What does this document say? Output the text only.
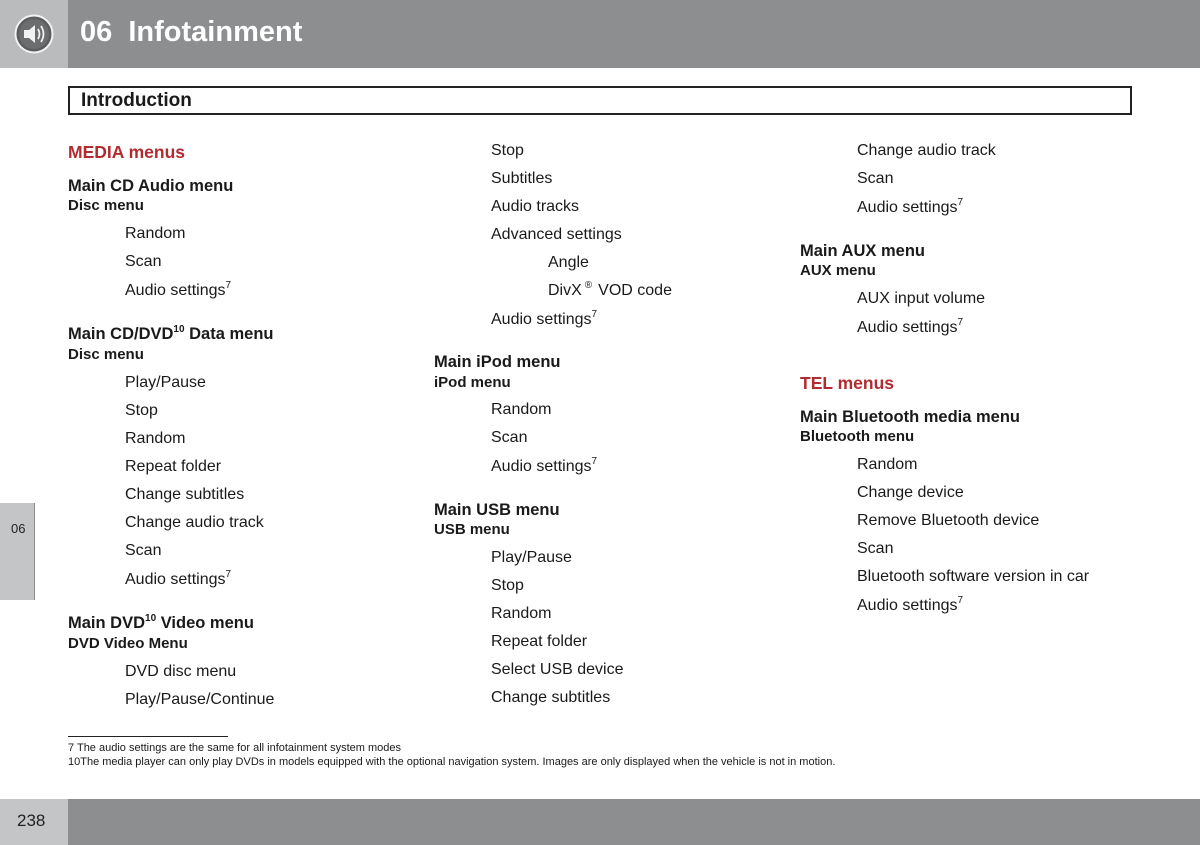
06  Infotainment
Introduction
06
MEDIA menus
Main CD Audio menu
Disc menu
Random
Scan
Audio settings$^7$
Main CD/DVD$^{10}$ Data menu
Disc menu
Play/Pause
Stop
Random
Repeat folder
Change subtitles
Change audio track
Scan
Audio settings$^7$
Main DVD$^{10}$ Video menu
DVD Video Menu
DVD disc menu
Play/Pause/Continue
Stop
Subtitles
Audio tracks
Advanced settings
Angle
DivX ® VOD code
Audio settings$^7$
Main iPod menu
iPod menu
Random
Scan
Audio settings$^7$
Main USB menu
USB menu
Play/Pause
Stop
Random
Repeat folder
Select USB device
Change subtitles
Change audio track
Scan
Audio settings$^7$
Main AUX menu
AUX menu
AUX input volume
Audio settings$^7$
TEL menus
Main Bluetooth media menu
Bluetooth menu
Random
Change device
Remove Bluetooth device
Scan
Bluetooth software version in car
Audio settings$^7$
7 The audio settings are the same for all infotainment system modes
10The media player can only play DVDs in models equipped with the optional navigation system. Images are only displayed when the vehicle is not in motion.
238
